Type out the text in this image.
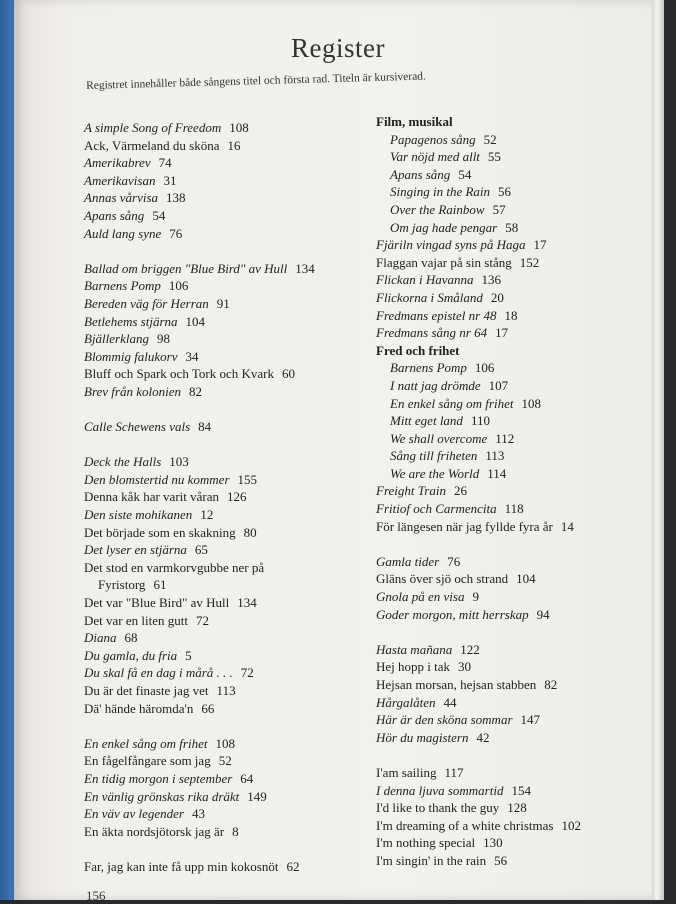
Register
Registret innehåller både sångens titel och första rad. Titeln är kursiverad.
A simple Song of Freedom 108
Ack, Värmeland du sköna 16
Amerikabrev 74
Amerikavisan 31
Annas vårvisa 138
Apans sång 54
Auld lang syne 76
Ballad om briggen "Blue Bird" av Hull 134
Barnens Pomp 106
Bereden väg för Herran 91
Betlehems stjärna 104
Bjällerklang 98
Blommig falukorv 34
Bluff och Spark och Tork och Kvark 60
Brev från kolonien 82
Calle Schewens vals 84
Deck the Halls 103
Den blomstertid nu kommer 155
Denna kåk har varit våran 126
Den siste mohikanen 12
Det började som en skakning 80
Det lyser en stjärna 65
Det stod en varmkorvgubbe ner på
Fyristorg 61
Det var "Blue Bird" av Hull 134
Det var en liten gutt 72
Diana 68
Du gamla, du fria 5
Du skal få en dag i mårå . . . 72
Du är det finaste jag vet 113
Dä' hände häromda'n 66
En enkel sång om frihet 108
En fågelfångare som jag 52
En tidig morgon i september 64
En vänlig grönskas rika dräkt 149
En väv av legender 43
En äkta nordsjötorsk jag är 8
Far, jag kan inte få upp min kokosnöt 62
Film, musikal
Papagenos sång 52
Var nöjd med allt 55
Apans sång 54
Singing in the Rain 56
Over the Rainbow 57
Om jag hade pengar 58
Fjäriln vingad syns på Haga 17
Flaggan vajar på sin stång 152
Flickan i Havanna 136
Flickorna i Småland 20
Fredmans epistel nr 48 18
Fredmans sång nr 64 17
Fred och frihet
Barnens Pomp 106
I natt jag drömde 107
En enkel sång om frihet 108
Mitt eget land 110
We shall overcome 112
Sång till friheten 113
We are the World 114
Freight Train 26
Fritiof och Carmencita 118
För längesen när jag fyllde fyra år 14
Gamla tider 76
Gläns över sjö och strand 104
Gnola på en visa 9
Goder morgon, mitt herrskap 94
Hasta mañana 122
Hej hopp i tak 30
Hejsan morsan, hejsan stabben 82
Hårgalåten 44
Här är den sköna sommar 147
Hör du magistern 42
I'am sailing 117
I denna ljuva sommartid 154
I'd like to thank the guy 128
I'm dreaming of a white christmas 102
I'm nothing special 130
I'm singin' in the rain 56
156
